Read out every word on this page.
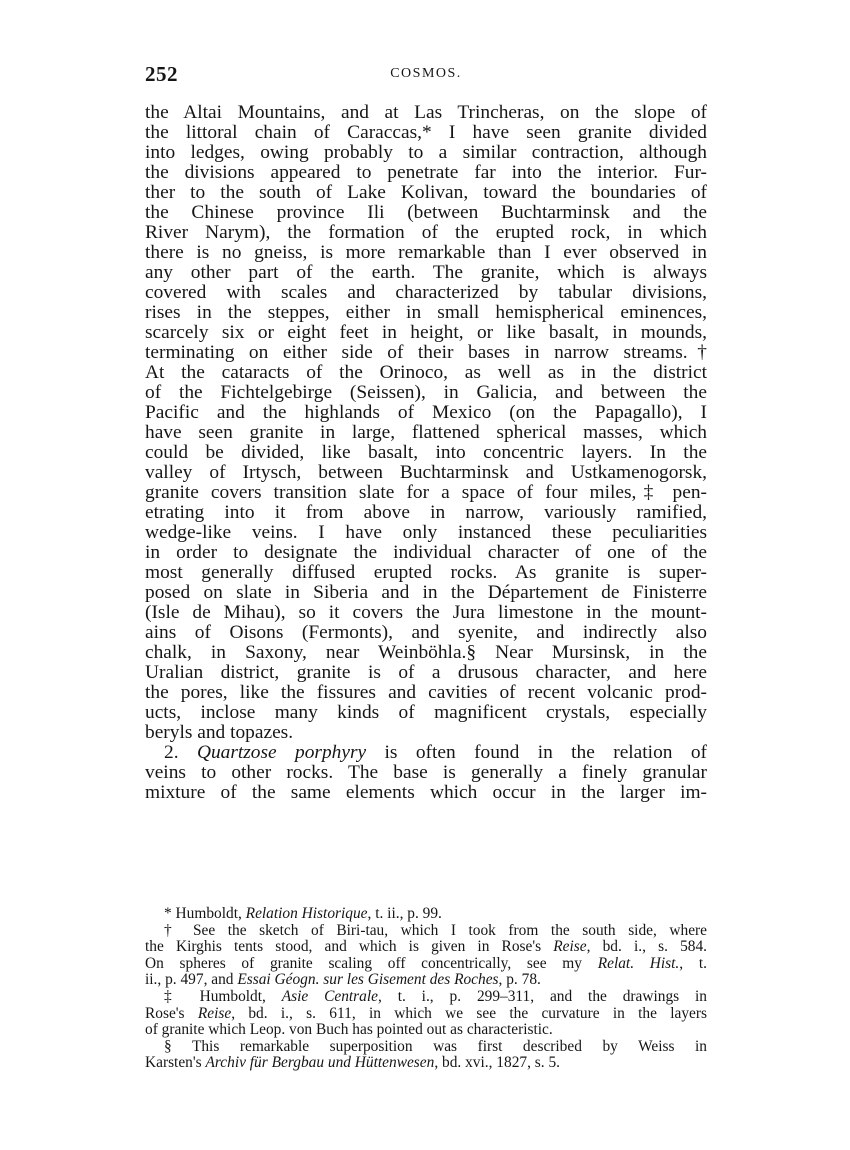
252	COSMOS.
the Altai Mountains, and at Las Trincheras, on the slope of
the littoral chain of Caraccas,* I have seen granite divided
into ledges, owing probably to a similar contraction, although
the divisions appeared to penetrate far into the interior. Fur-
ther to the south of Lake Kolivan, toward the boundaries of
the Chinese province Ili (between Buchtarminsk and the
River Narym), the formation of the erupted rock, in which
there is no gneiss, is more remarkable than I ever observed in
any other part of the earth. The granite, which is always
covered with scales and characterized by tabular divisions,
rises in the steppes, either in small hemispherical eminences,
scarcely six or eight feet in height, or like basalt, in mounds,
terminating on either side of their bases in narrow streams.†
At the cataracts of the Orinoco, as well as in the district
of the Fichtelgebirge (Seissen), in Galicia, and between the
Pacific and the highlands of Mexico (on the Papagallo), I
have seen granite in large, flattened spherical masses, which
could be divided, like basalt, into concentric layers. In the
valley of Irtysch, between Buchtarminsk and Ustkamenogorsk,
granite covers transition slate for a space of four miles,‡ pen-
etrating into it from above in narrow, variously ramified,
wedge-like veins. I have only instanced these peculiarities
in order to designate the individual character of one of the
most generally diffused erupted rocks. As granite is super-
posed on slate in Siberia and in the Département de Finisterre
(Isle de Mihau), so it covers the Jura limestone in the mount-
ains of Oisons (Fermonts), and syenite, and indirectly also
chalk, in Saxony, near Weinböhla.§ Near Mursinsk, in the
Uralian district, granite is of a drusous character, and here
the pores, like the fissures and cavities of recent volcanic prod-
ucts, inclose many kinds of magnificent crystals, especially
beryls and topazes.
2. Quartzose porphyry is often found in the relation of
veins to other rocks. The base is generally a finely granular
mixture of the same elements which occur in the larger im-
* Humboldt, Relation Historique, t. ii., p. 99.
† See the sketch of Biri-tau, which I took from the south side, where
the Kirghis tents stood, and which is given in Rose's Reise, bd. i., s. 584.
On spheres of granite scaling off concentrically, see my Relat. Hist., t.
ii., p. 497, and Essai Géogn. sur les Gisement des Roches, p. 78.
‡ Humboldt, Asie Centrale, t. i., p. 299–311, and the drawings in
Rose's Reise, bd. i., s. 611, in which we see the curvature in the layers
of granite which Leop. von Buch has pointed out as characteristic.
§ This remarkable superposition was first described by Weiss in
Karsten's Archiv für Bergbau und Hüttenwesen, bd. xvi., 1827, s. 5.
